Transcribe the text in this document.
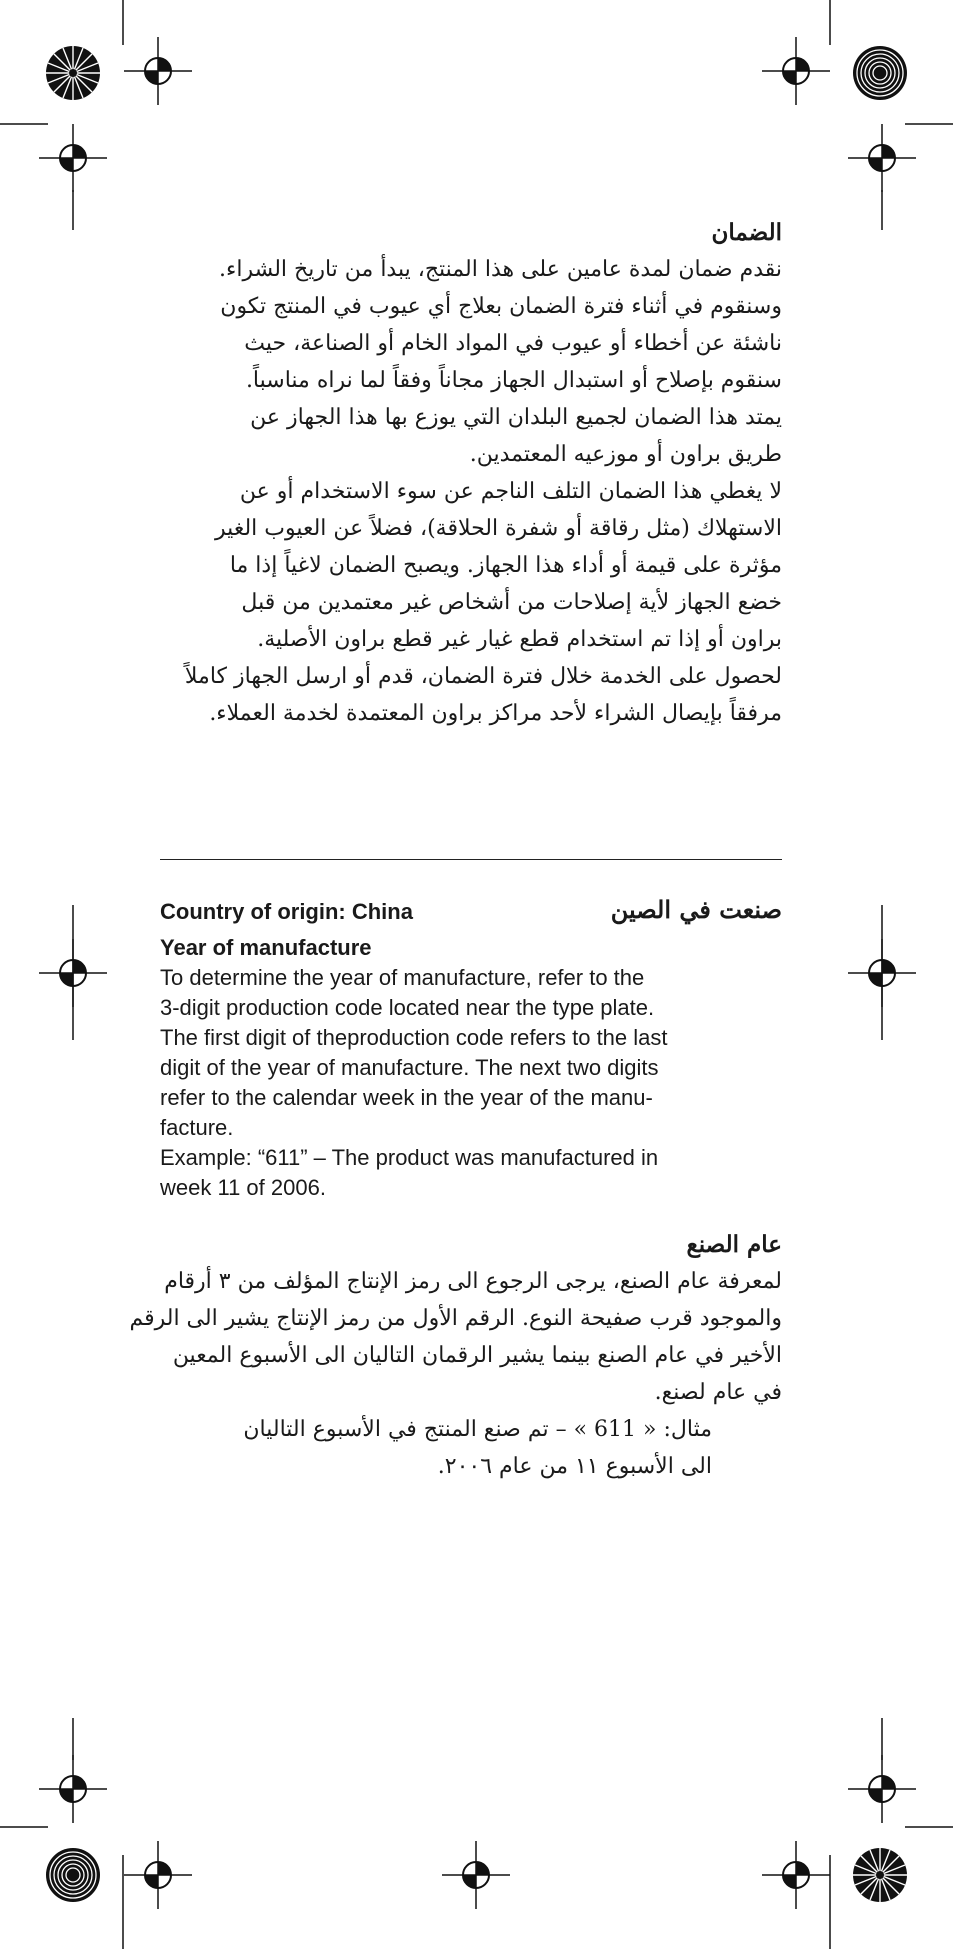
الضمان

نقدم ضمان لمدة عامين على هذا المنتج، يبدأ من تاريخ الشراء.

وسنقوم في أثناء فترة الضمان بعلاج أي عيوب في المنتج تكون

ناشئة عن أخطاء أو عيوب في المواد الخام أو الصناعة، حيث

سنقوم بإصلاح أو استبدال الجهاز مجاناً وفقاً لما نراه مناسباً.

يمتد هذا الضمان لجميع البلدان التي يوزع بها هذا الجهاز عن

طريق براون أو موزعيه المعتمدين.

لا يغطي هذا الضمان التلف الناجم عن سوء الاستخدام أو عن

الاستهلاك (مثل رقاقة أو شفرة الحلاقة)، فضلاً عن العيوب الغير

مؤثرة على قيمة أو أداء هذا الجهاز. ويصبح الضمان لاغياً إذا ما

خضع الجهاز لأية إصلاحات من أشخاص غير معتمدين من قبل

براون أو إذا تم استخدام قطع غيار غير قطع براون الأصلية.

لحصول على الخدمة خلال فترة الضمان، قدم أو ارسل الجهاز كاملاً

مرفقاً بإيصال الشراء لأحد مراكز براون المعتمدة لخدمة العملاء.

صنعت في الصين

Country of origin: China

Year of manufacture

To determine the year of manufacture, refer to the

3-digit production code located near the type plate.

The first digit of theproduction code refers to the last

digit of the year of manufacture. The next two digits

refer to the calendar week in the year of the manu-

facture.

Example: “611” – The product was manufactured in

week 11 of 2006.

عام الصنع

لمعرفة عام الصنع، يرجى الرجوع الى رمز الإنتاج المؤلف من ٣ أرقام

والموجود قرب صفيحة النوع. الرقم الأول من رمز الإنتاج يشير الى الرقم

الأخير في عام الصنع بينما يشير الرقمان التاليان الى الأسبوع المعين

في عام لصنع.

مثال: « 611 » – تم صنع المنتج في الأسبوع التاليان

الى الأسبوع ١١ من عام ٢٠٠٦.
